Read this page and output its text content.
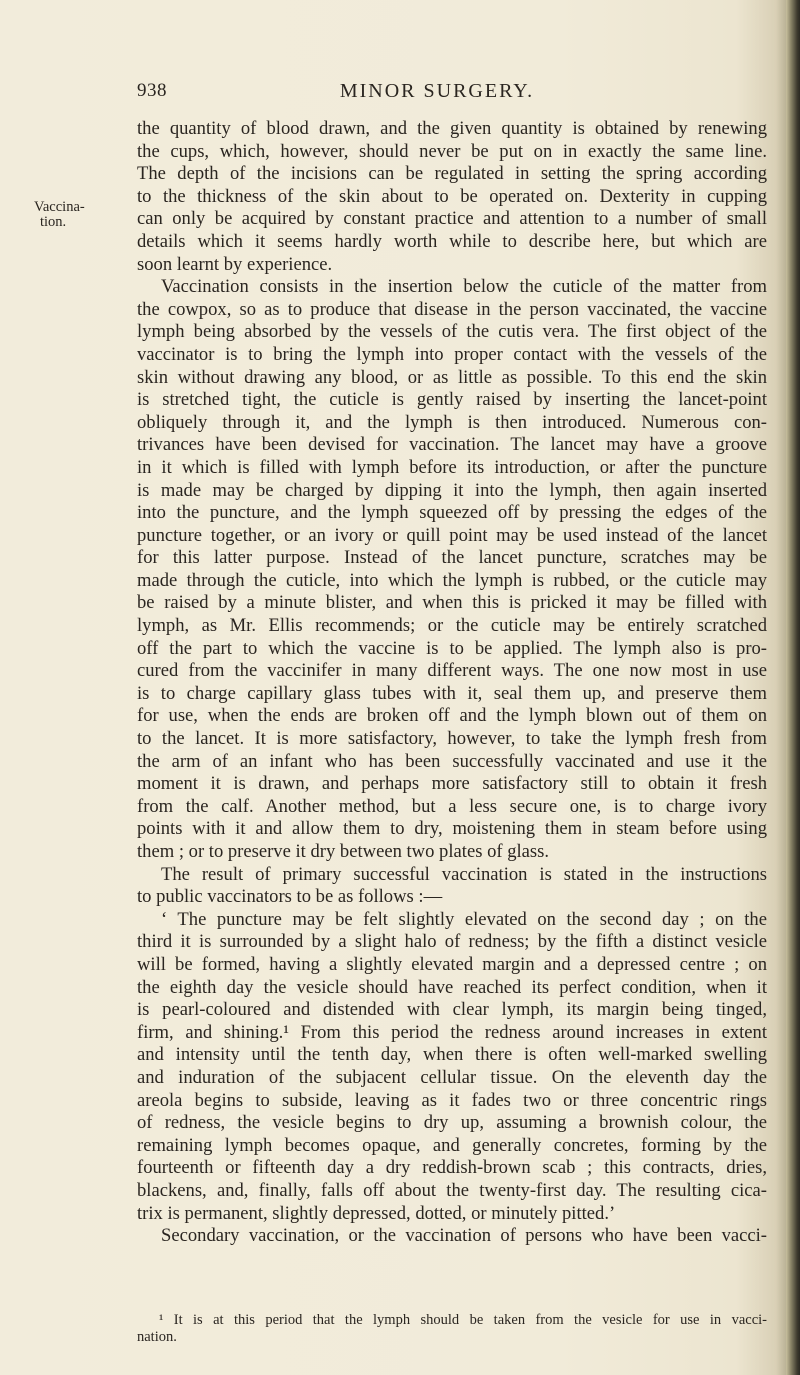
938	MINOR SURGERY.
Vaccina-
tion.
the quantity of blood drawn, and the given quantity is obtained by renewing
the cups, which, however, should never be put on in exactly the same line.
The depth of the incisions can be regulated in setting the spring according
to the thickness of the skin about to be operated on. Dexterity in cupping
can only be acquired by constant practice and attention to a number of small
details which it seems hardly worth while to describe here, but which are
soon learnt by experience.
Vaccination consists in the insertion below the cuticle of the matter from
the cowpox, so as to produce that disease in the person vaccinated, the vaccine
lymph being absorbed by the vessels of the cutis vera. The first object of the
vaccinator is to bring the lymph into proper contact with the vessels of the
skin without drawing any blood, or as little as possible. To this end the skin
is stretched tight, the cuticle is gently raised by inserting the lancet-point
obliquely through it, and the lymph is then introduced. Numerous con-
trivances have been devised for vaccination. The lancet may have a groove
in it which is filled with lymph before its introduction, or after the puncture
is made may be charged by dipping it into the lymph, then again inserted
into the puncture, and the lymph squeezed off by pressing the edges of the
puncture together, or an ivory or quill point may be used instead of the lancet
for this latter purpose. Instead of the lancet puncture, scratches may be
made through the cuticle, into which the lymph is rubbed, or the cuticle may
be raised by a minute blister, and when this is pricked it may be filled with
lymph, as Mr. Ellis recommends; or the cuticle may be entirely scratched
off the part to which the vaccine is to be applied. The lymph also is pro-
cured from the vaccinifer in many different ways. The one now most in use
is to charge capillary glass tubes with it, seal them up, and preserve them
for use, when the ends are broken off and the lymph blown out of them on
to the lancet. It is more satisfactory, however, to take the lymph fresh from
the arm of an infant who has been successfully vaccinated and use it the
moment it is drawn, and perhaps more satisfactory still to obtain it fresh
from the calf. Another method, but a less secure one, is to charge ivory
points with it and allow them to dry, moistening them in steam before using
them ; or to preserve it dry between two plates of glass.
The result of primary successful vaccination is stated in the instructions
to public vaccinators to be as follows :—
‘ The puncture may be felt slightly elevated on the second day ; on the
third it is surrounded by a slight halo of redness; by the fifth a distinct vesicle
will be formed, having a slightly elevated margin and a depressed centre ; on
the eighth day the vesicle should have reached its perfect condition, when it
is pearl-coloured and distended with clear lymph, its margin being tinged,
firm, and shining.¹ From this period the redness around increases in extent
and intensity until the tenth day, when there is often well-marked swelling
and induration of the subjacent cellular tissue. On the eleventh day the
areola begins to subside, leaving as it fades two or three concentric rings
of redness, the vesicle begins to dry up, assuming a brownish colour, the
remaining lymph becomes opaque, and generally concretes, forming by the
fourteenth or fifteenth day a dry reddish-brown scab ; this contracts, dries,
blackens, and, finally, falls off about the twenty-first day. The resulting cica-
trix is permanent, slightly depressed, dotted, or minutely pitted.’
Secondary vaccination, or the vaccination of persons who have been vacci-
¹ It is at this period that the lymph should be taken from the vesicle for use in vacci-
nation.
